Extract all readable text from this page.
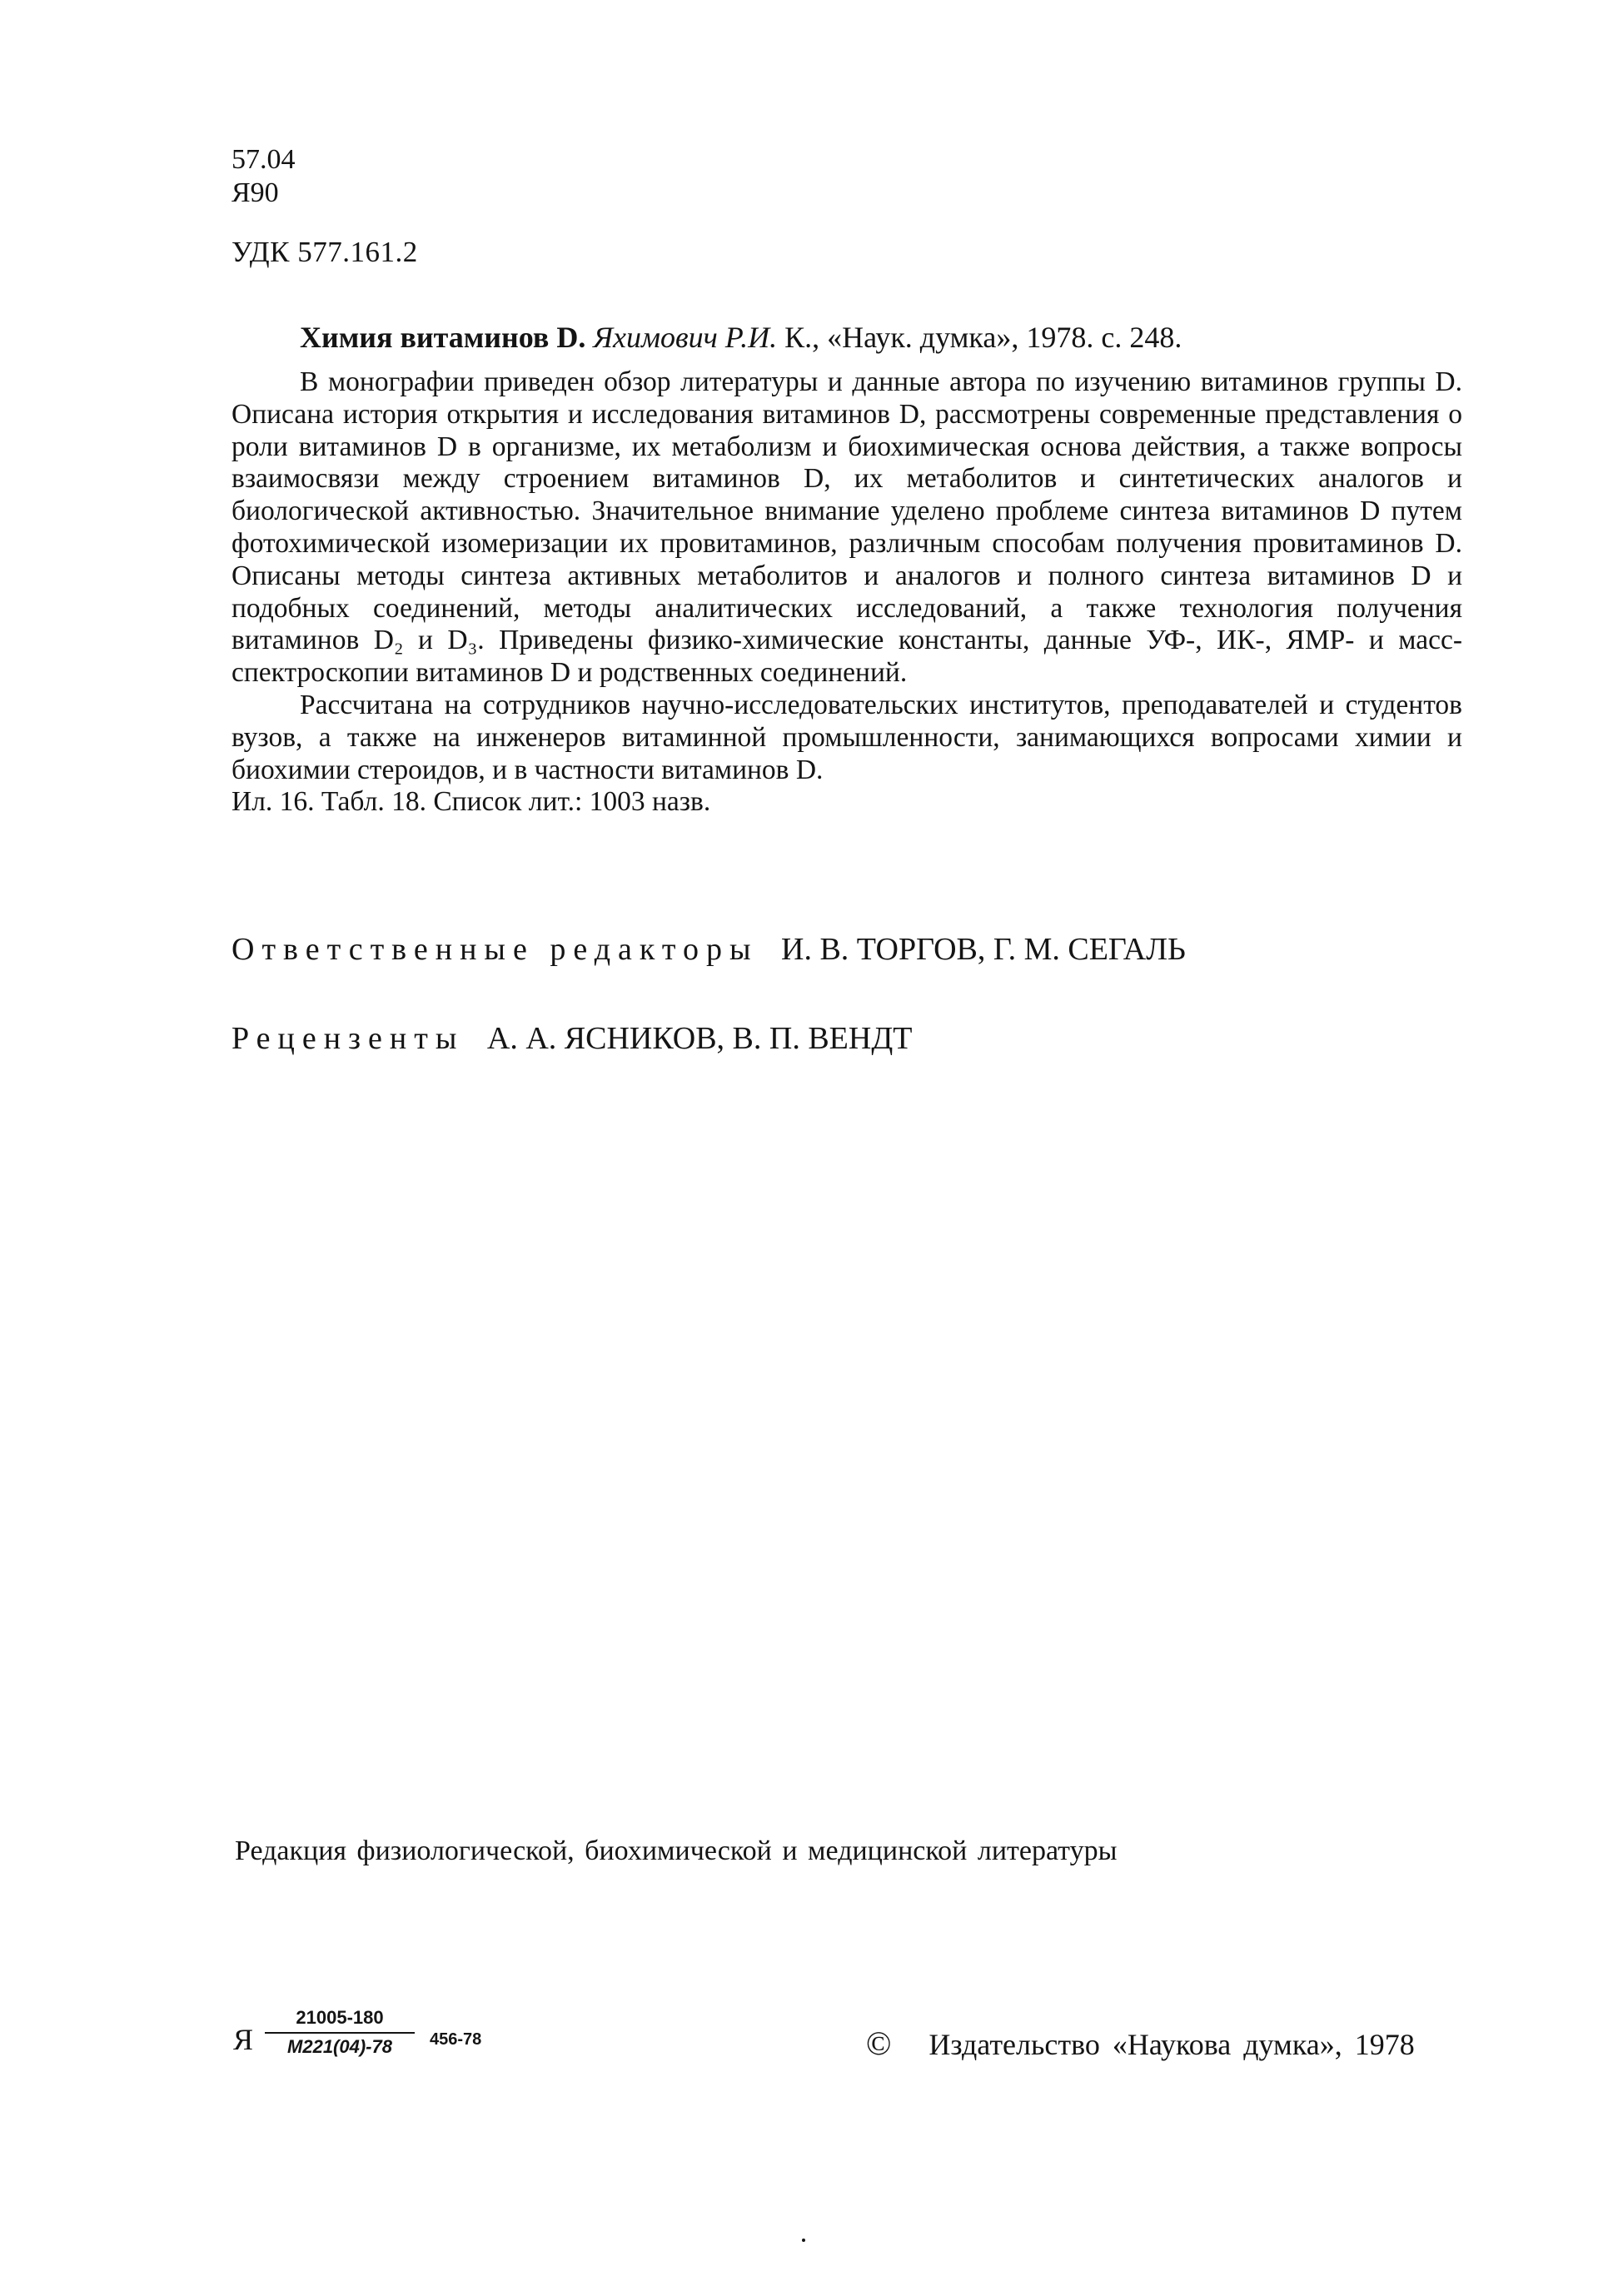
57.04
Я90
УДК 577.161.2
Химия витаминов D. Яхимович Р.И. К., «Наук. думка», 1978. с. 248.

В монографии приведен обзор литературы и данные автора по изучению витаминов группы D. Описана история открытия и исследования витаминов D, рассмотрены современные представления о роли витаминов D в организме, их метаболизм и биохимическая основа действия, а также вопросы взаимосвязи между строением витаминов D, их метаболитов и синтетических аналогов и биологической активностью. Значительное внимание уделено проблеме синтеза витаминов D путем фотохимической изомеризации их провитаминов, различным способам получения провитаминов D. Описаны методы синтеза активных метаболитов и аналогов и полного синтеза витаминов D и подобных соединений, методы аналитических исследований, а также технология получения витаминов D₂ и D₃. Приведены физико-химические константы, данные УФ-, ИК-, ЯМР- и масс-спектроскопии витаминов D и родственных соединений.

Рассчитана на сотрудников научно-исследовательских институтов, преподавателей и студентов вузов, а также на инженеров витаминной промышленности, занимающихся вопросами химии и биохимии стероидов, и в частности витаминов D.

Ил. 16. Табл. 18. Список лит.: 1003 назв.

Ответственные редакторы И. В. ТОРГОВ, Г. М. СЕГАЛЬ
Рецензенты А. А. ЯСНИКОВ, В. П. ВЕНДТ
Редакция физиологической, биохимической и медицинской литературы
Я
21005-180
М221(04)-78	456-78	© Издательство «Наукова думка», 1978
